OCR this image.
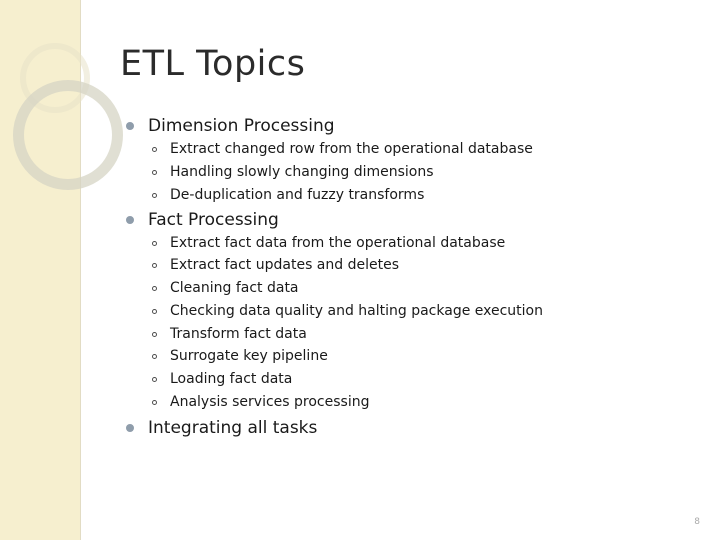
ETL Topics
Dimension Processing
Extract changed row from the operational database
Handling slowly changing dimensions
De-duplication and fuzzy transforms
Fact Processing
Extract fact data from the operational database
Extract fact updates and deletes
Cleaning fact data
Checking data quality and halting package execution
Transform fact data
Surrogate key pipeline
Loading fact data
Analysis services processing
Integrating all tasks
8
